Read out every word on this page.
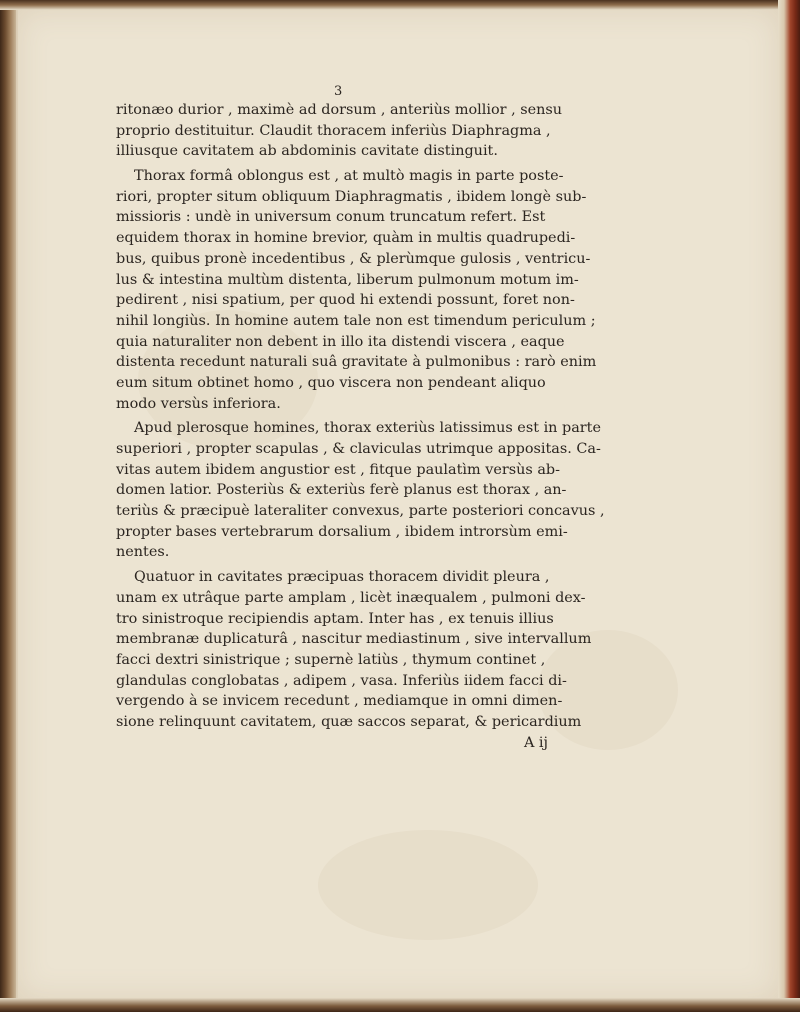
3
ritonæo durior , maximè ad dorsum , anteriùs mollior , sensu
proprio destituitur. Claudit thoracem inferiùs Diaphragma ,
illiusque cavitatem ab abdominis cavitate distinguit.
Thorax formâ oblongus est , at multò magis in parte poste-
riori, propter situm obliquum Diaphragmatis , ibidem longè sub-
missioris : undè in universum conum truncatum refert. Est
equidem thorax in homine brevior, quàm in multis quadrupedi-
bus, quibus pronè incedentibus , & plerùmque gulosis , ventricu-
lus & intestina multùm distenta, liberum pulmonum motum im-
pedirent , nisi spatium, per quod hi extendi possunt, foret non-
nihil longiùs. In homine autem tale non est timendum periculum ;
quia naturaliter non debent in illo ita distendi viscera , eaque
distenta recedunt naturali suâ gravitate à pulmonibus : rarò enim
eum situm obtinet homo , quo viscera non pendeant aliquo
modo versùs inferiora.
Apud plerosque homines, thorax exteriùs latissimus est in parte
superiori , propter scapulas , & claviculas utrimque appositas. Ca-
vitas autem ibidem angustior est , fitque paulatìm versùs ab-
domen latior. Posteriùs & exteriùs ferè planus est thorax , an-
teriùs & præcipuè lateraliter convexus, parte posteriori concavus ,
propter bases vertebrarum dorsalium , ibidem introrsùm emi-
nentes.
Quatuor in cavitates præcipuas thoracem dividit pleura ,
unam ex utrâque parte amplam , licèt inæqualem , pulmoni dex-
tro sinistroque recipiendis aptam. Inter has , ex tenuis illius
membranæ duplicaturâ , nascitur mediastinum , sive intervallum
facci dextri sinistrique ; supernè latiùs , thymum continet ,
glandulas conglobatas , adipem , vasa. Inferiùs iidem facci di-
vergendo à se invicem recedunt , mediamque in omni dimen-
sione relinquunt cavitatem, quæ saccos separat, & pericardium
A ij
